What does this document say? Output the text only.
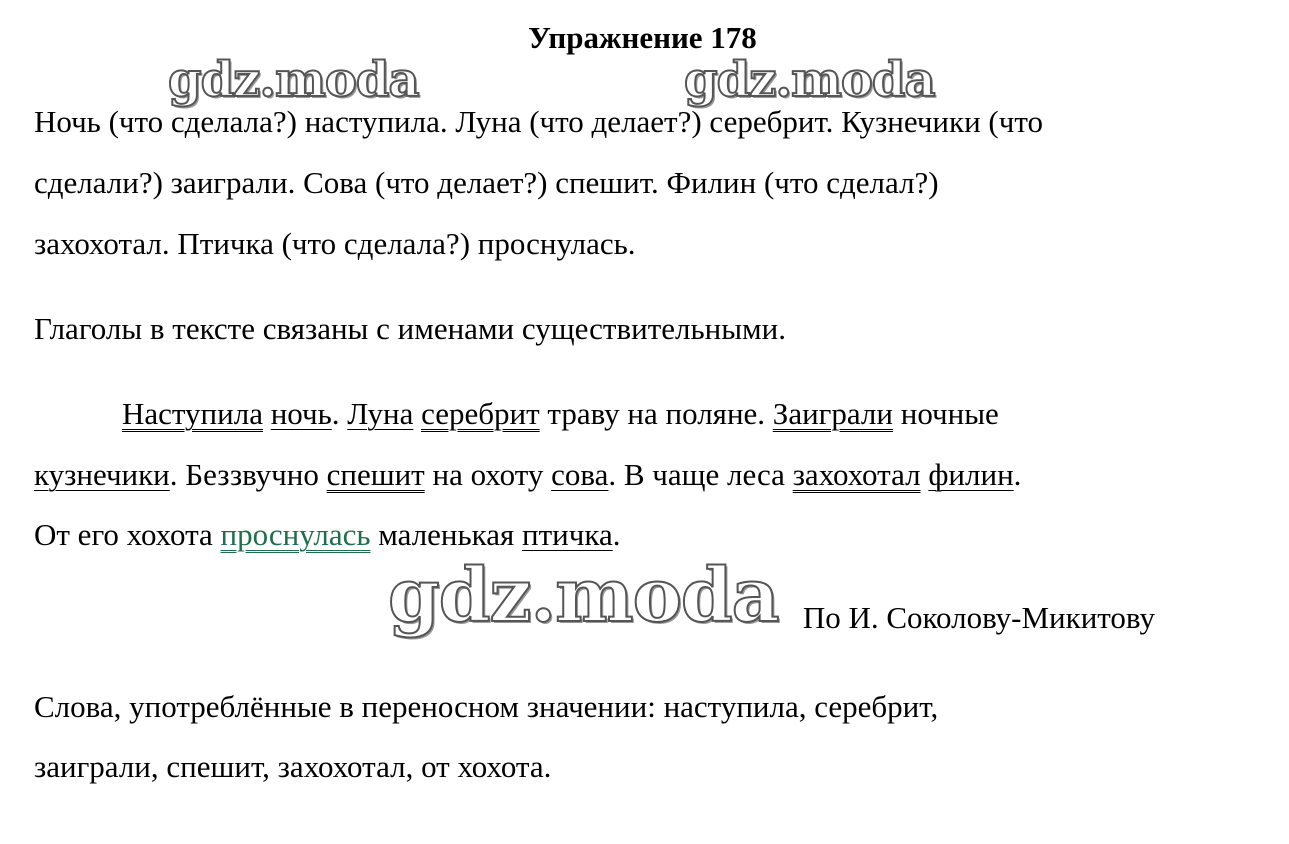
Упражнение 178
gdz.moda	gdz.moda
Ночь (что сделала?) наступила. Луна (что делает?) серебрит. Кузнечики (что
сделали?) заиграли. Сова (что делает?) спешит. Филин (что сделал?)
захохотал. Птичка (что сделала?) проснулась.
Глаголы в тексте связаны с именами существительными.
Наступила ночь. Луна серебрит траву на поляне. Заиграли ночные
кузнечики. Беззвучно спешит на охоту сова. В чаще леса захохотал филин.
От его хохота проснулась маленькая птичка.
gdz.moda По И. Соколову-Микитову
Слова, употреблённые в переносном значении: наступила, серебрит,
заиграли, спешит, захохотал, от хохота.
